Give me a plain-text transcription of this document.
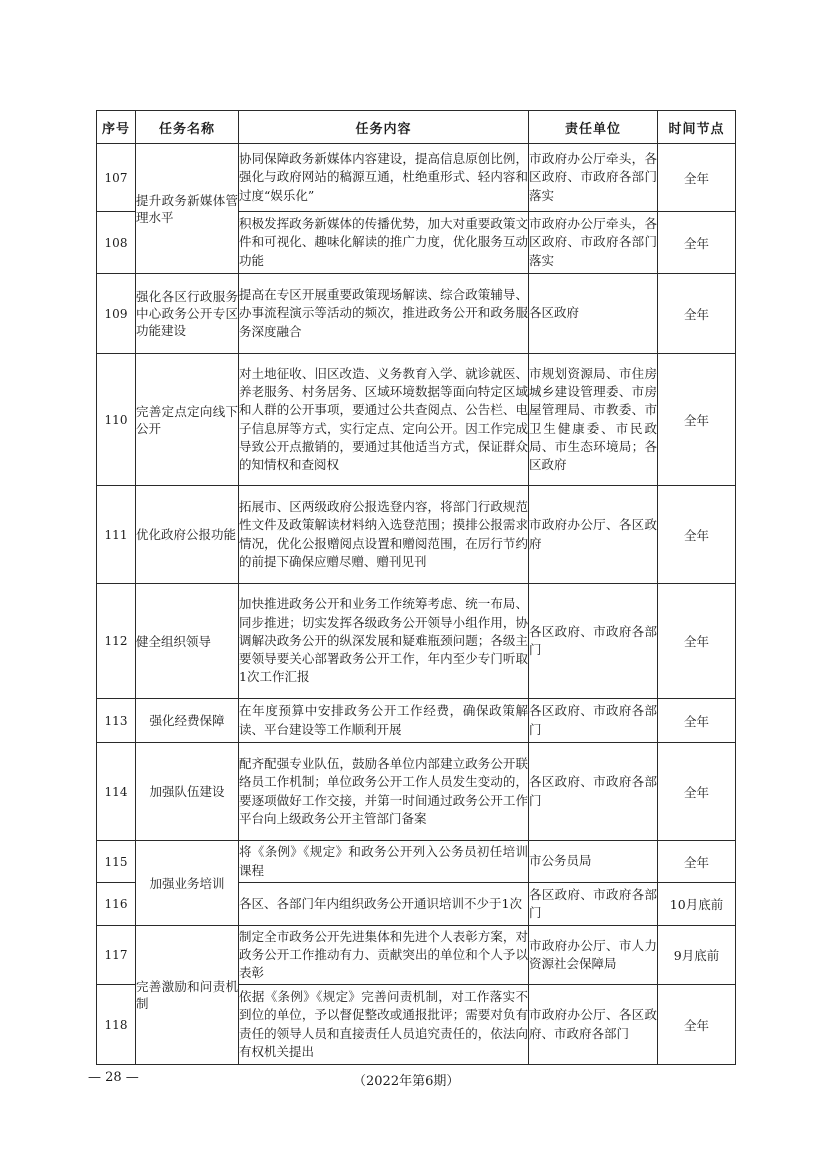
序号	任务名称	任务内容	责任单位	时间节点
107	提升政务新媒体管理水平	协同保障政务新媒体内容建设，提高信息原创比例，强化与政府网站的稿源互通，杜绝重形式、轻内容和过度“娱乐化”	市政府办公厅牵头，各区政府、市政府各部门落实	全年
108		积极发挥政务新媒体的传播优势，加大对重要政策文件和可视化、趣味化解读的推广力度，优化服务互动功能	市政府办公厅牵头，各区政府、市政府各部门落实	全年
109	强化各区行政服务中心政务公开专区功能建设	提高在专区开展重要政策现场解读、综合政策辅导、办事流程演示等活动的频次，推进政务公开和政务服务深度融合	各区政府	全年
110	完善定点定向线下公开	对土地征收、旧区改造、义务教育入学、就诊就医、养老服务、村务居务、区域环境数据等面向特定区域和人群的公开事项，要通过公共查阅点、公告栏、电子信息屏等方式，实行定点、定向公开。因工作完成导致公开点撤销的，要通过其他适当方式，保证群众的知情权和查阅权	市规划资源局、市住房城乡建设管理委、市房屋管理局、市教委、市卫生健康委、市民政局、市生态环境局；各区政府	全年
111	优化政府公报功能	拓展市、区两级政府公报选登内容，将部门行政规范性文件及政策解读材料纳入选登范围；摸排公报需求情况，优化公报赠阅点设置和赠阅范围，在厉行节约的前提下确保应赠尽赠、赠刊见刊	市政府办公厅、各区政府	全年
112	健全组织领导	加快推进政务公开和业务工作统筹考虑、统一布局、同步推进；切实发挥各级政务公开领导小组作用，协调解决政务公开的纵深发展和疑难瓶颈问题；各级主要领导要关心部署政务公开工作，年内至少专门听取1次工作汇报	各区政府、市政府各部门	全年
113	强化经费保障	在年度预算中安排政务公开工作经费，确保政策解读、平台建设等工作顺利开展	各区政府、市政府各部门	全年
114	加强队伍建设	配齐配强专业队伍，鼓励各单位内部建立政务公开联络员工作机制；单位政务公开工作人员发生变动的，要逐项做好工作交接，并第一时间通过政务公开工作平台向上级政务公开主管部门备案	各区政府、市政府各部门	全年
115	加强业务培训	将《条例》《规定》和政务公开列入公务员初任培训课程	市公务员局	全年
116		各区、各部门年内组织政务公开通识培训不少于1次	各区政府、市政府各部门	10月底前
117	完善激励和问责机制	制定全市政务公开先进集体和先进个人表彰方案，对政务公开工作推动有力、贡献突出的单位和个人予以表彰	市政府办公厅、市人力资源社会保障局	9月底前
118		依据《条例》《规定》完善问责机制，对工作落实不到位的单位，予以督促整改或通报批评；需要对负有责任的领导人员和直接责任人员追究责任的，依法向有权机关提出	市政府办公厅、各区政府、市政府各部门	全年
— 28 —	（2022年第6期）
